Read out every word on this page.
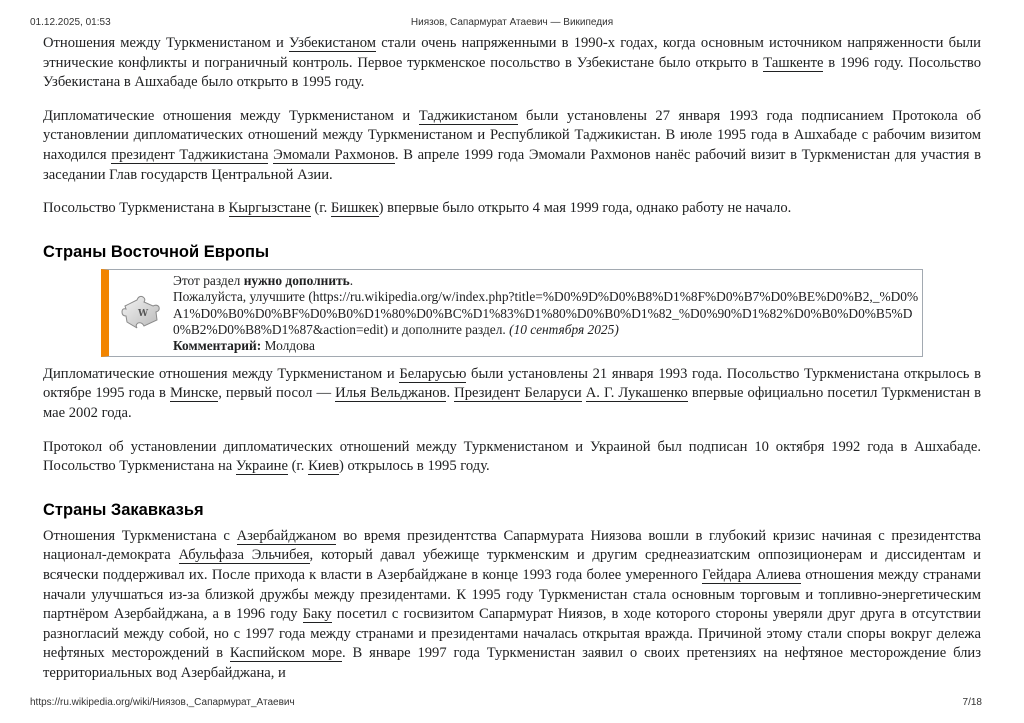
01.12.2025, 01:53	Ниязов, Сапармурат Атаевич — Википедия

Отношения между Туркменистаном и Узбекистаном стали очень напряженными в 1990-х годах, когда основным источником напряженности были этнические конфликты и пограничный контроль. Первое туркменское посольство в Узбекистане было открыто в Ташкенте в 1996 году. Посольство Узбекистана в Ашхабаде было открыто в 1995 году.

Дипломатические отношения между Туркменистаном и Таджикистаном были установлены 27 января 1993 года подписанием Протокола об установлении дипломатических отношений между Туркменистаном и Республикой Таджикистан. В июле 1995 года в Ашхабаде с рабочим визитом находился президент Таджикистана Эмомали Рахмонов. В апреле 1999 года Эмомали Рахмонов нанёс рабочий визит в Туркменистан для участия в заседании Глав государств Центральной Азии.

Посольство Туркменистана в Кыргызстане (г. Бишкек) впервые было открыто 4 мая 1999 года, однако работу не начало.

Страны Восточной Европы
W
Этот раздел нужно дополнить.
Пожалуйста, улучшите (https://ru.wikipedia.org/w/index.php?title=%D0%9D%D0%B8%D1%8F%D0%B7%D0%BE%D0%B2,_%D0%A1%D0%B0%D0%BF%D0%B0%D1%80%D0%BC%D1%83%D1%80%D0%B0%D1%82_%D0%90%D1%82%D0%B0%D0%B5%D0%B2%D0%B8%D1%87&action=edit) и дополните раздел. (10 сентября 2025)
Комментарий: Молдова

Дипломатические отношения между Туркменистаном и Беларусью были установлены 21 января 1993 года. Посольство Туркменистана открылось в октябре 1995 года в Минске, первый посол — Илья Вельджанов. Президент Беларуси А. Г. Лукашенко впервые официально посетил Туркменистан в мае 2002 года.

Протокол об установлении дипломатических отношений между Туркменистаном и Украиной был подписан 10 октября 1992 года в Ашхабаде. Посольство Туркменистана на Украине (г. Киев) открылось в 1995 году.

Страны Закавказья

Отношения Туркменистана с Азербайджаном во время президентства Сапармурата Ниязова вошли в глубокий кризис начиная с президентства национал-демократа Абульфаза Эльчибея, который давал убежище туркменским и другим среднеазиатским оппозиционерам и диссидентам и всячески поддерживал их. После прихода к власти в Азербайджане в конце 1993 года более умеренного Гейдара Алиева отношения между странами начали улучшаться из-за близкой дружбы между президентами. К 1995 году Туркменистан стала основным торговым и топливно-энергетическим партнёром Азербайджана, а в 1996 году Баку посетил с госвизитом Сапармурат Ниязов, в ходе которого стороны уверяли друг друга в отсутствии разногласий между собой, но с 1997 года между странами и президентами началась открытая вражда. Причиной этому стали споры вокруг дележа нефтяных месторождений в Каспийском море. В январе 1997 года Туркменистан заявил о своих претензиях на нефтяное месторождение близ территориальных вод Азербайджана, и

https://ru.wikipedia.org/wiki/Ниязов,_Сапармурат_Атаевич	7/18
